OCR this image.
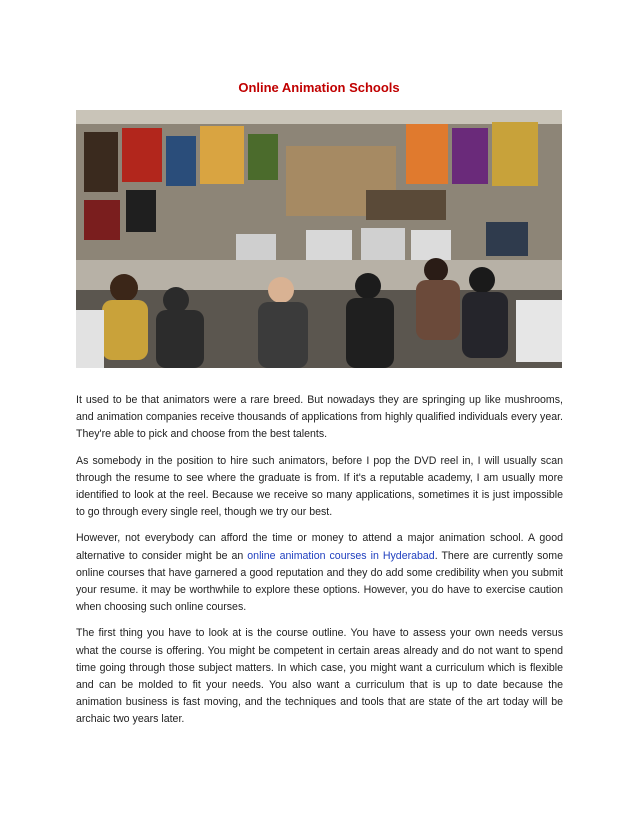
Online Animation Schools

It used to be that animators were a rare breed. But nowadays they are springing up like mushrooms, and animation companies receive thousands of applications from highly qualified individuals every year. They're able to pick and choose from the best talents.

As somebody in the position to hire such animators, before I pop the DVD reel in, I will usually scan through the resume to see where the graduate is from. If it's a reputable academy, I am usually more identified to look at the reel. Because we receive so many applications, sometimes it is just impossible to go through every single reel, though we try our best.

However, not everybody can afford the time or money to attend a major animation school. A good alternative to consider might be an online animation courses in Hyderabad. There are currently some online courses that have garnered a good reputation and they do add some credibility when you submit your resume. it may be worthwhile to explore these options. However, you do have to exercise caution when choosing such online courses.

The first thing you have to look at is the course outline. You have to assess your own needs versus what the course is offering. You might be competent in certain areas already and do not want to spend time going through those subject matters. In which case, you might want a curriculum which is flexible and can be molded to fit your needs. You also want a curriculum that is up to date because the animation business is fast moving, and the techniques and tools that are state of the art today will be archaic two years later.
